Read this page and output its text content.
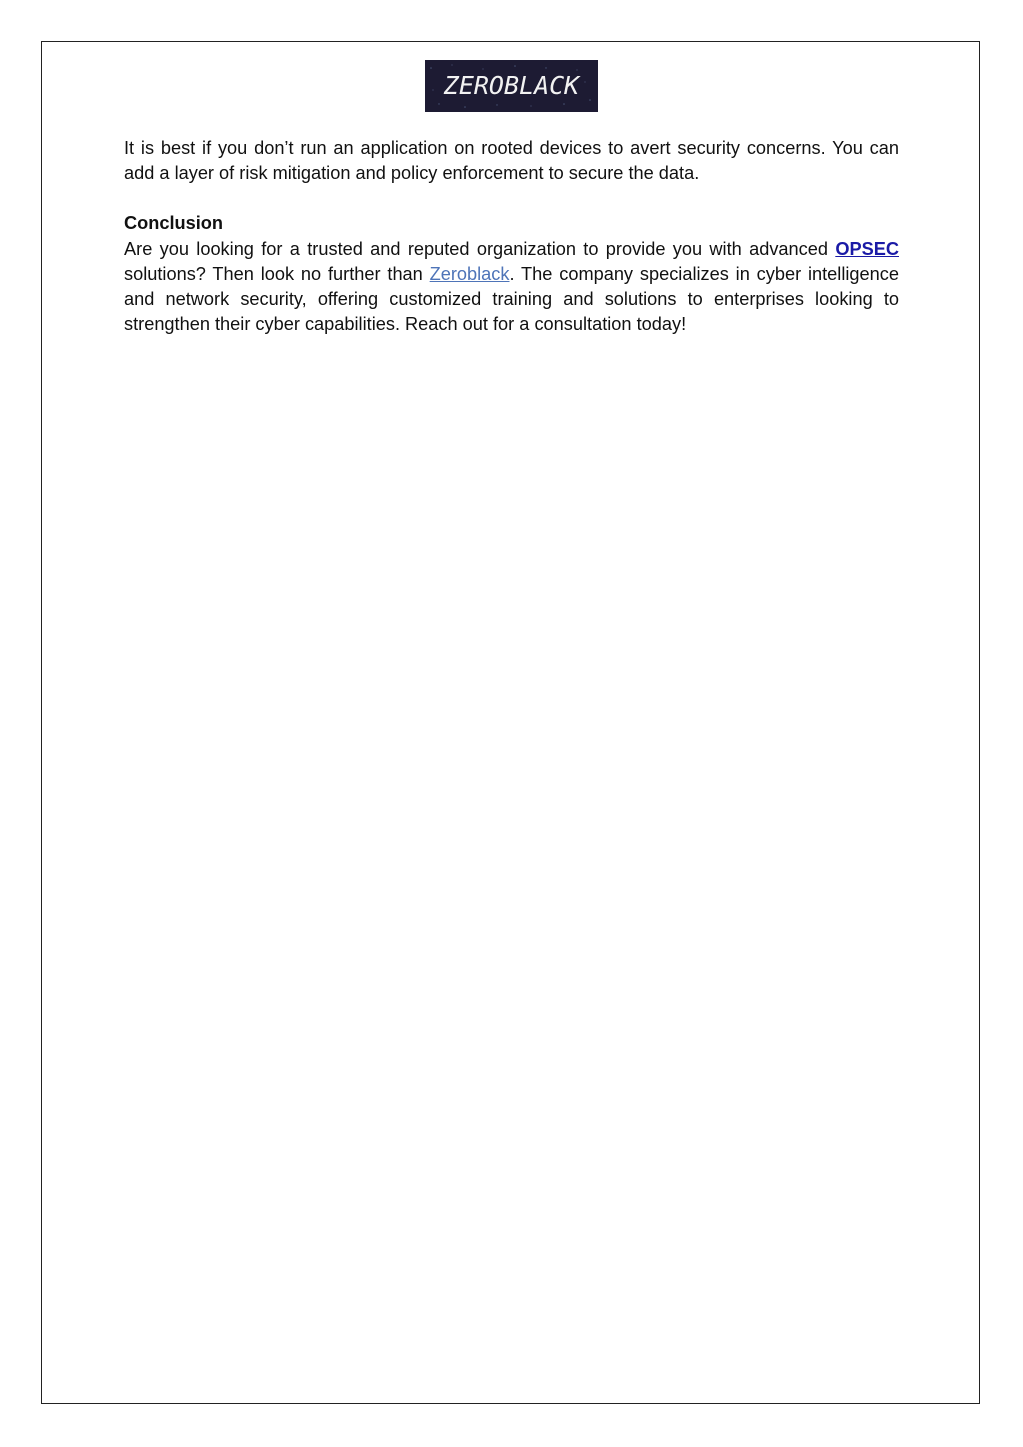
ZEROBLACK

It is best if you don’t run an application on rooted devices to avert security concerns. You can add a layer of risk mitigation and policy enforcement to secure the data.

Conclusion

Are you looking for a trusted and reputed organization to provide you with advanced OPSEC solutions? Then look no further than Zeroblack. The company specializes in cyber intelligence and network security, offering customized training and solutions to enterprises looking to strengthen their cyber capabilities. Reach out for a consultation today!
